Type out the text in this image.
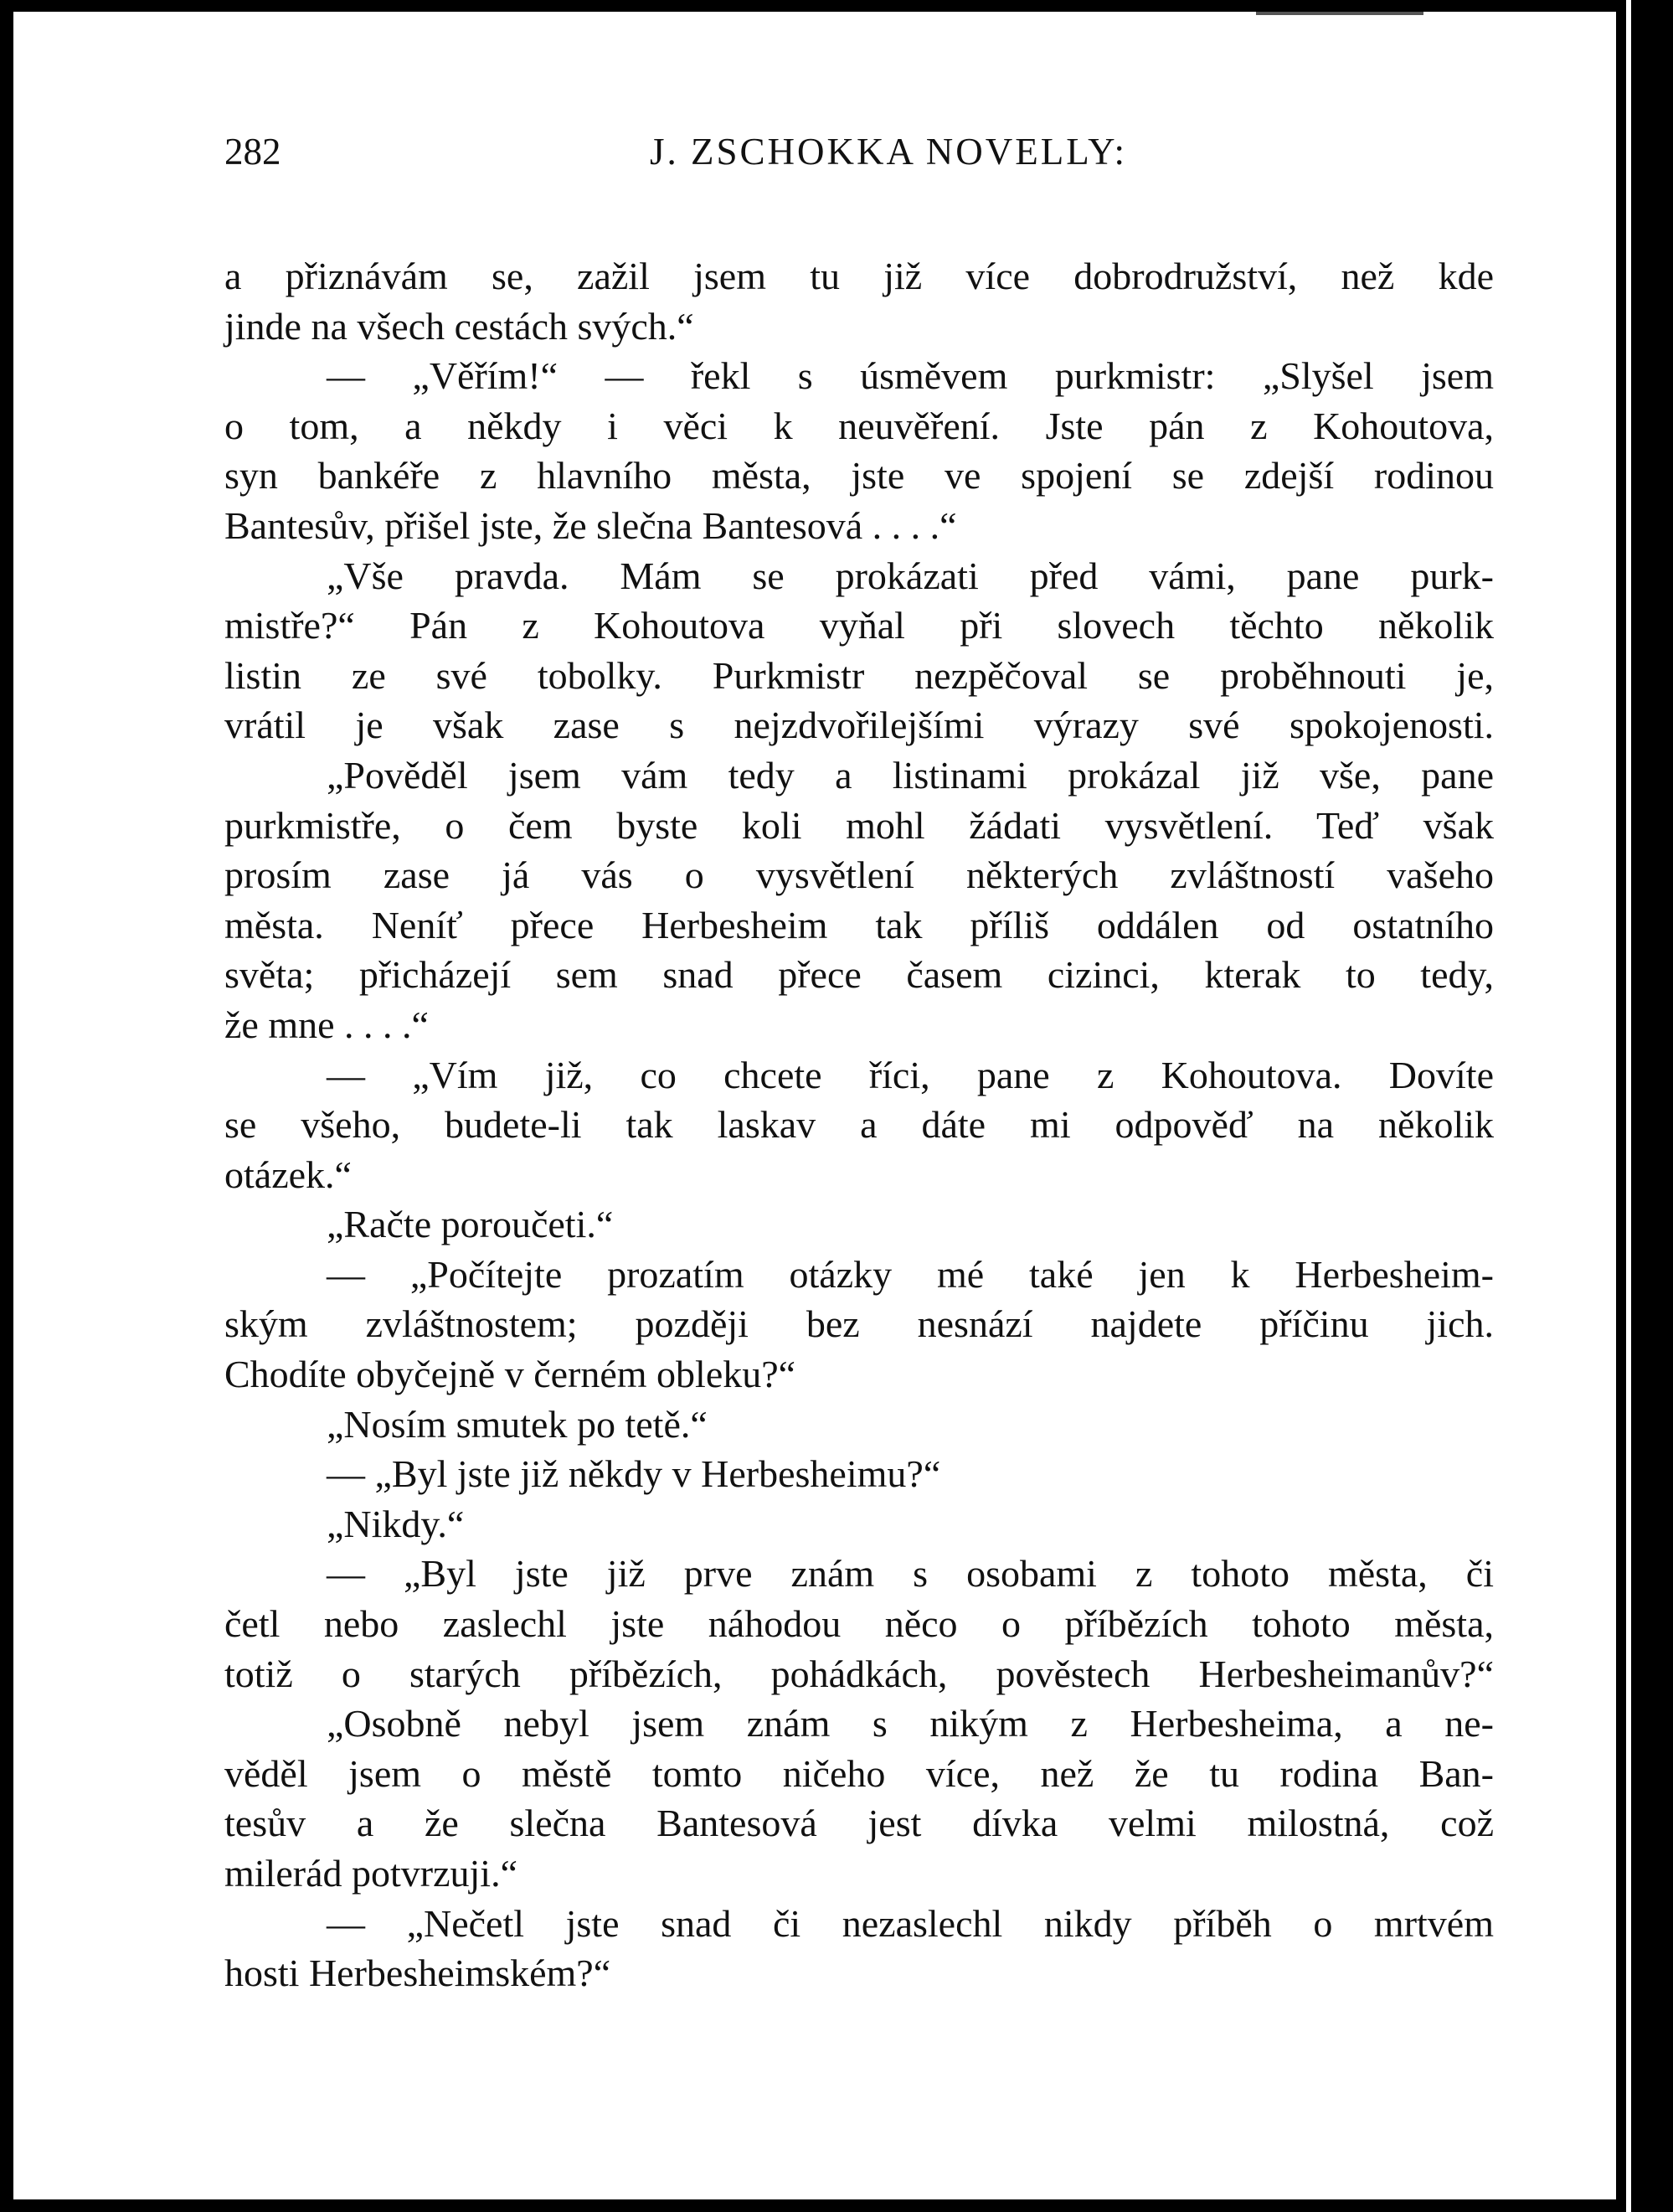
282	J. ZSCHOKKA NOVELLY:
a přiznávám se, zažil jsem tu již více dobrodružství, než kde
jinde na všech cestách svých.“
— „Věřím!“ — řekl s úsměvem purkmistr: „Slyšel jsem
o tom, a někdy i věci k neuvěření. Jste pán z Kohoutova,
syn bankéře z hlavního města, jste ve spojení se zdejší rodinou
Bantesův, přišel jste, že slečna Bantesová . . . .“
„Vše pravda. Mám se prokázati před vámi, pane purk-
mistře?“ Pán z Kohoutova vyňal při slovech těchto několik
listin ze své tobolky. Purkmistr nezpěčoval se proběhnouti je,
vrátil je však zase s nejzdvořilejšími výrazy své spokojenosti.
„Pověděl jsem vám tedy a listinami prokázal již vše, pane
purkmistře, o čem byste koli mohl žádati vysvětlení. Teď však
prosím zase já vás o vysvětlení některých zvláštností vašeho
města. Neníť přece Herbesheim tak příliš oddálen od ostatního
světa; přicházejí sem snad přece časem cizinci, kterak to tedy,
že mne . . . .“
— „Vím již, co chcete říci, pane z Kohoutova. Dovíte
se všeho, budete-li tak laskav a dáte mi odpověď na několik
otázek.“
„Račte poroučeti.“
— „Počítejte prozatím otázky mé také jen k Herbesheim-
ským zvláštnostem; později bez nesnází najdete příčinu jich.
Chodíte obyčejně v černém obleku?“
„Nosím smutek po tetě.“
— „Byl jste již někdy v Herbesheimu?“
„Nikdy.“
— „Byl jste již prve znám s osobami z tohoto města, či
četl nebo zaslechl jste náhodou něco o příbězích tohoto města,
totiž o starých příbězích, pohádkách, pověstech Herbesheimanův?“
„Osobně nebyl jsem znám s nikým z Herbesheima, a ne-
věděl jsem o městě tomto ničeho více, než že tu rodina Ban-
tesův a že slečna Bantesová jest dívka velmi milostná, což
milerád potvrzuji.“
— „Nečetl jste snad či nezaslechl nikdy příběh o mrtvém
hosti Herbesheimském?“
